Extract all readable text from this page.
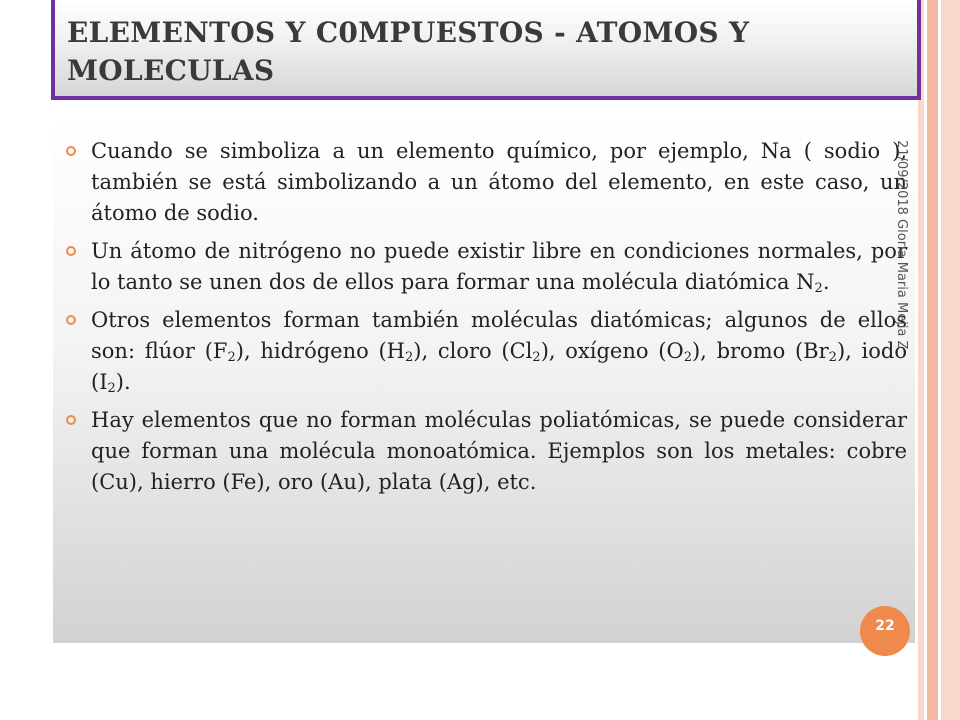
ELEMENTOS Y C0MPUESTOS - ATOMOS Y MOLECULAS
Cuando se simboliza a un elemento químico, por ejemplo, Na ( sodio ), también se está simbolizando a un átomo del elemento, en este caso, un átomo de sodio.
Un átomo de nitrógeno no puede existir libre en condiciones normales, por lo tanto se unen dos de ellos para formar una molécula diatómica $N_2$.
Otros elementos forman también moléculas diatómicas; algunos de ellos son: flúor $(F_2)$, hidrógeno $(H_2)$, cloro $(Cl_2)$, oxígeno $(O_2)$, bromo $(Br_2)$, iodo $(I_2)$.
Hay elementos que no forman moléculas poliatómicas, se puede considerar que forman una molécula monoatómica. Ejemplos son los metales: cobre (Cu), hierro (Fe), oro (Au), plata (Ag), etc.
21/09/2018 Gloria Maria Mejia Z
22
